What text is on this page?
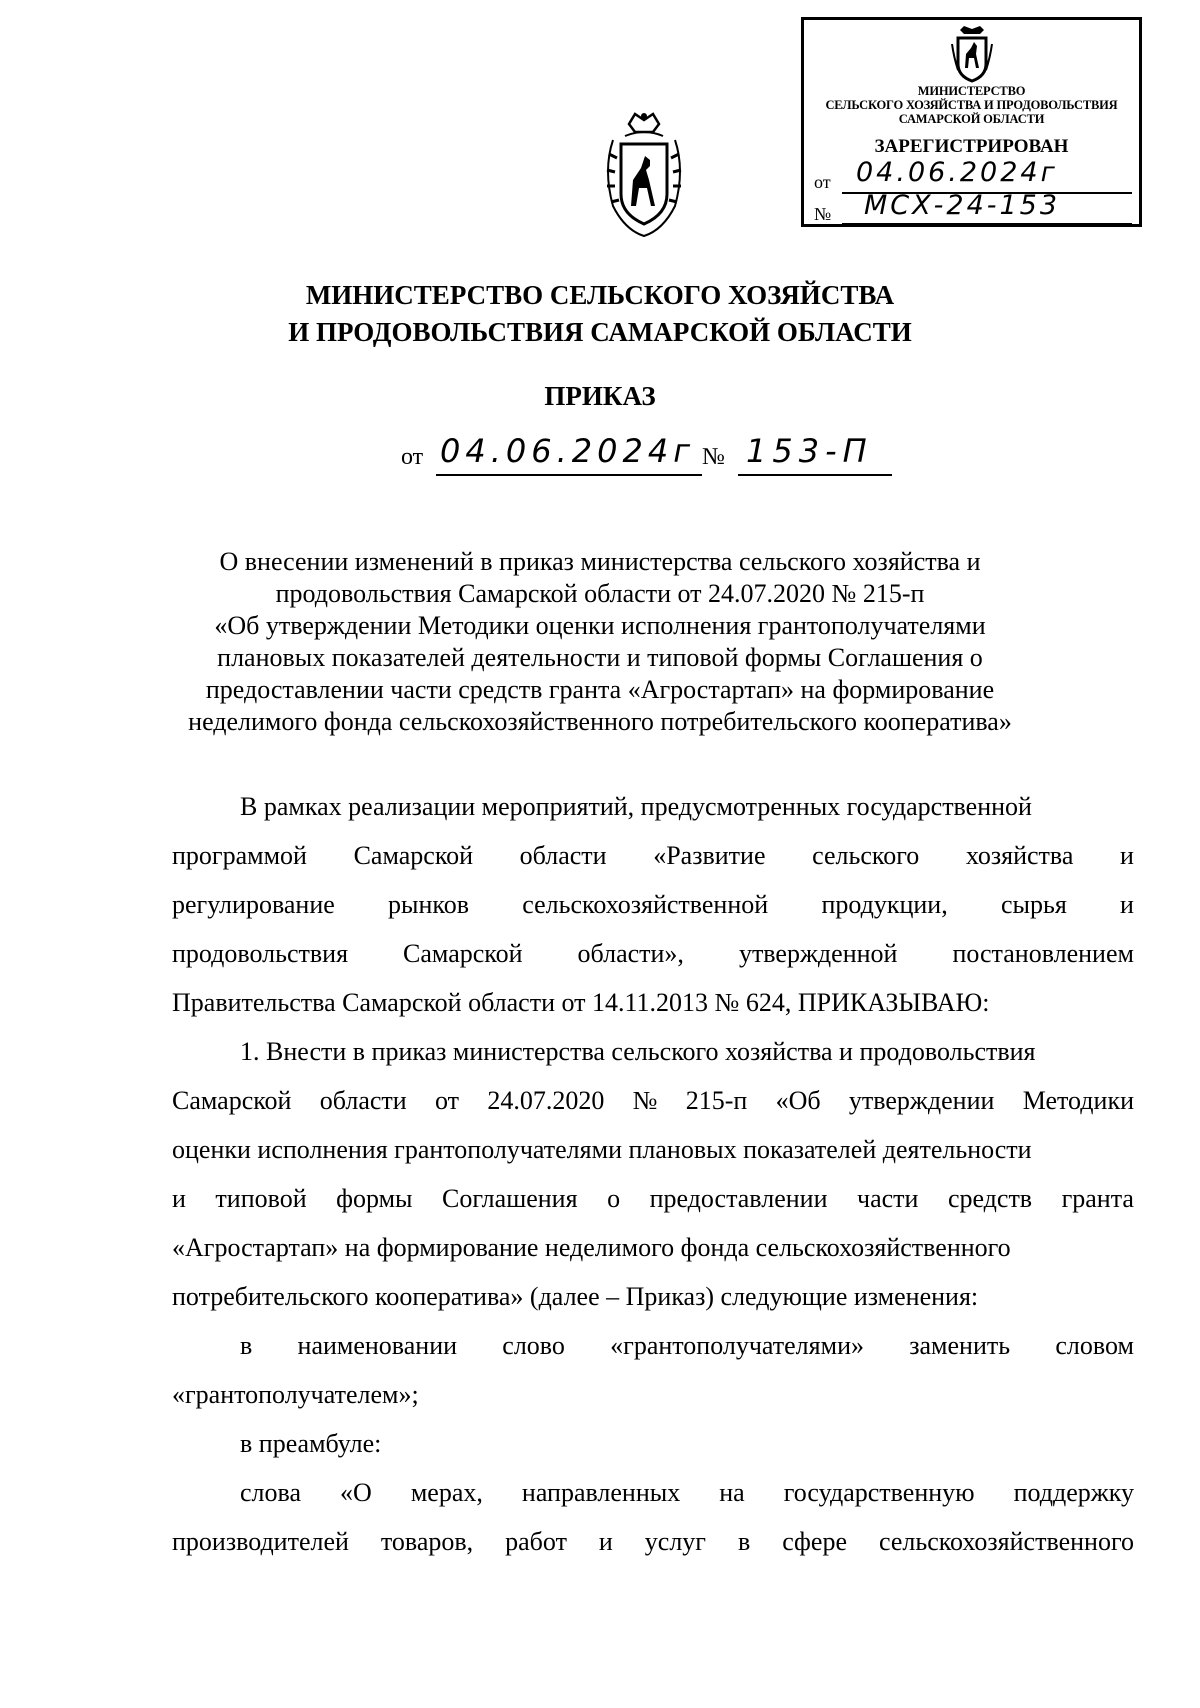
МИНИСТЕРСТВО
СЕЛЬСКОГО ХОЗЯЙСТВА И ПРОДОВОЛЬСТВИЯ
САМАРСКОЙ ОБЛАСТИ
ЗАРЕГИСТРИРОВАН
от 04.06.2024г
№ МСХ-24-153
МИНИСТЕРСТВО СЕЛЬСКОГО ХОЗЯЙСТВА
И ПРОДОВОЛЬСТВИЯ САМАРСКОЙ ОБЛАСТИ
ПРИКАЗ
от 04.06.2024г № 153-П
О внесении изменений в приказ министерства сельского хозяйства и
продовольствия Самарской области от 24.07.2020 № 215-п
«Об утверждении Методики оценки исполнения грантополучателями
плановых показателей деятельности и типовой формы Соглашения о
предоставлении части средств гранта «Агростартап» на формирование
неделимого фонда сельскохозяйственного потребительского кооператива»
В рамках реализации мероприятий, предусмотренных государственной
программой Самарской области «Развитие сельского хозяйства и
регулирование рынков сельскохозяйственной продукции, сырья и
продовольствия Самарской области», утвержденной постановлением
Правительства Самарской области от 14.11.2013 № 624, ПРИКАЗЫВАЮ:
1. Внести в приказ министерства сельского хозяйства и продовольствия
Самарской области от 24.07.2020 № 215-п «Об утверждении Методики
оценки исполнения грантополучателями плановых показателей деятельности
и типовой формы Соглашения о предоставлении части средств гранта
«Агростартап» на формирование неделимого фонда сельскохозяйственного
потребительского кооператива» (далее – Приказ) следующие изменения:
в наименовании слово «грантополучателями» заменить словом
«грантополучателем»;
в преамбуле:
слова «О мерах, направленных на государственную поддержку
производителей товаров, работ и услуг в сфере сельскохозяйственного
